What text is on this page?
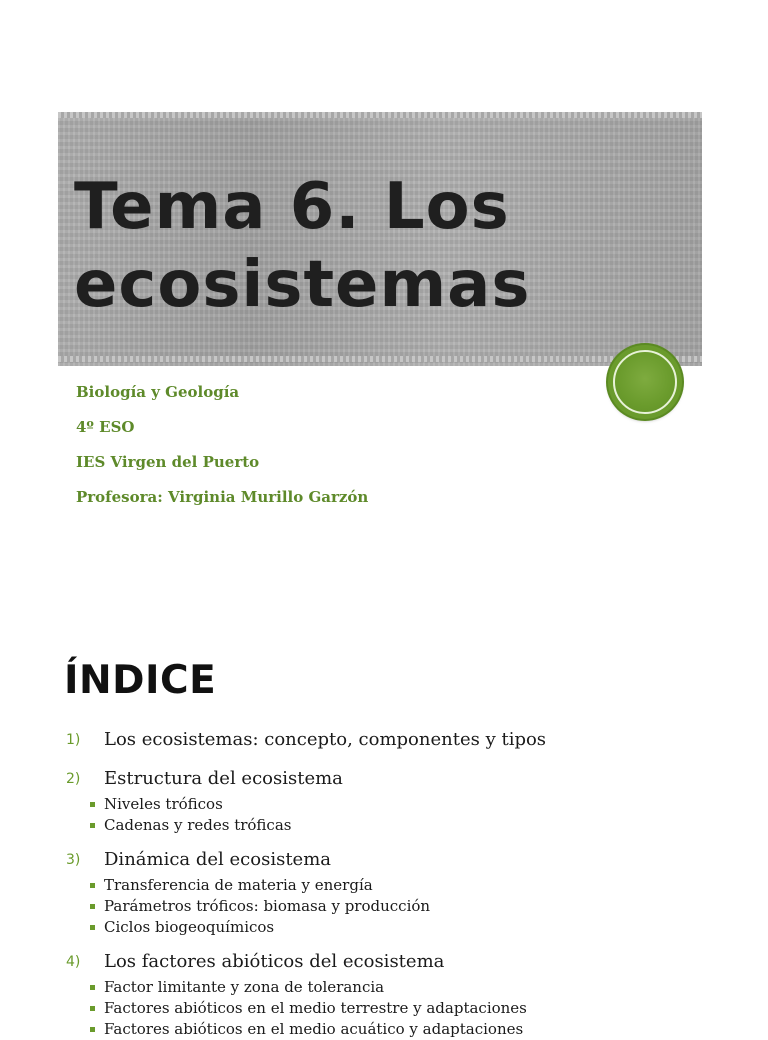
Tema 6. Los
ecosistemas
Biología y Geología
4º ESO
IES Virgen del Puerto
Profesora: Virginia Murillo Garzón
ÍNDICE
1)	Los ecosistemas: concepto, componentes y tipos
2)	Estructura del ecosistema
Niveles tróficos
Cadenas y redes tróficas
3)	Dinámica del ecosistema
Transferencia de materia y energía
Parámetros tróficos: biomasa y producción
Ciclos biogeoquímicos
4)	Los factores abióticos del ecosistema
Factor limitante y zona de tolerancia
Factores abióticos en el medio terrestre y adaptaciones
Factores abióticos en el medio acuático y adaptaciones
